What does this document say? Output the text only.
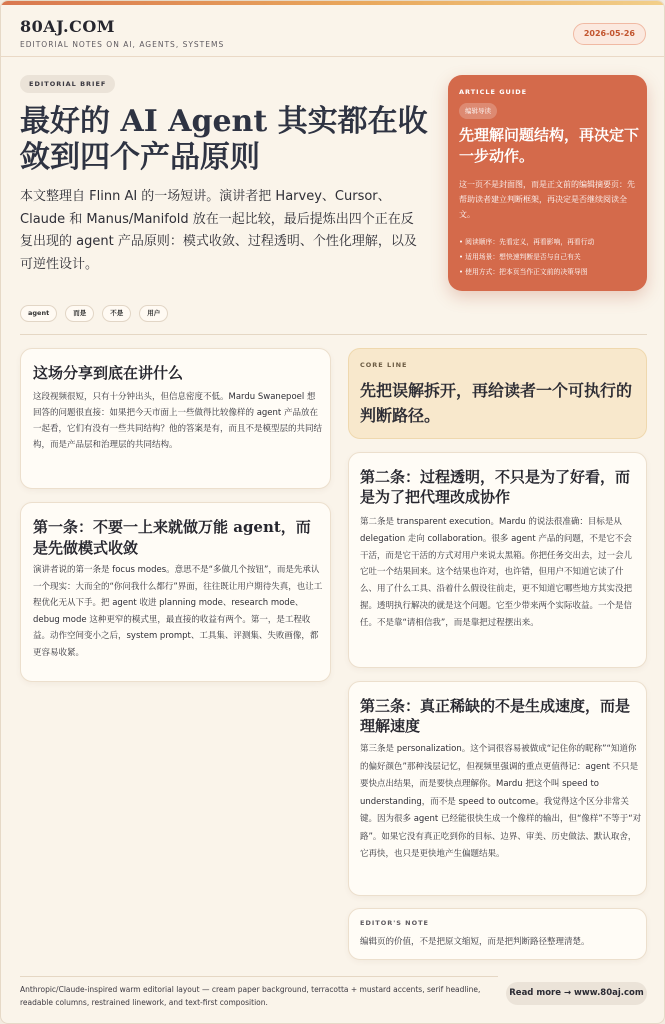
80AJ.COM
EDITORIAL NOTES ON AI, AGENTS, SYSTEMS
2026-05-26
EDITORIAL BRIEF
最好的 AI Agent 其实都在收敛到四个产品原则

本文整理自 Flinn AI 的一场短讲。演讲者把 Harvey、Cursor、Claude 和 Manus/Manifold 放在一起比较，最后提炼出四个正在反复出现的 agent 产品原则：模式收敛、过程透明、个性化理解，以及可逆性设计。

agent	而是	不是	用户
ARTICLE GUIDE
编辑导读
先理解问题结构，再决定下一步动作。
这一页不是封面图，而是正文前的编辑摘要页：先帮助读者建立判断框架，再决定是否继续阅读全文。
• 阅读顺序：先看定义，再看影响，再看行动
• 适用场景：想快速判断是否与自己有关
• 使用方式：把本页当作正文前的决策导图
这场分享到底在讲什么

这段视频很短，只有十分钟出头，但信息密度不低。Mardu Swanepoel 想回答的问题很直接：如果把今天市面上一些做得比较像样的 agent 产品放在一起看，它们有没有一些共同结构？他的答案是有，而且不是模型层的共同结构，而是产品层和治理层的共同结构。

第一条：不要一上来就做万能 agent，而是先做模式收敛

演讲者说的第一条是 focus modes。意思不是“多做几个按钮”，而是先承认一个现实：大而全的“你问我什么都行”界面，往往既让用户期待失真，也让工程优化无从下手。把 agent 收进 planning mode、research mode、debug mode 这种更窄的模式里，最直接的收益有两个。第一，是工程收益。动作空间变小之后，system prompt、工具集、评测集、失败画像，都更容易收紧。

CORE LINE
先把误解拆开，再给读者一个可执行的判断路径。
第二条：过程透明，不只是为了好看，而是为了把代理改成协作

第二条是 transparent execution。Mardu 的说法很准确：目标是从 delegation 走向 collaboration。很多 agent 产品的问题，不是它不会干活，而是它干活的方式对用户来说太黑箱。你把任务交出去，过一会儿它吐一个结果回来。这个结果也许对，也许错，但用户不知道它读了什么、用了什么工具、沿着什么假设往前走，更不知道它哪些地方其实没把握。透明执行解决的就是这个问题。它至少带来两个实际收益。一个是信任。不是靠“请相信我”，而是靠把过程摆出来。

第三条：真正稀缺的不是生成速度，而是理解速度

第三条是 personalization。这个词很容易被做成“记住你的昵称”“知道你的偏好颜色”那种浅层记忆，但视频里强调的重点更值得记：agent 不只是要快点出结果，而是要快点理解你。Mardu 把这个叫 speed to understanding，而不是 speed to outcome。我觉得这个区分非常关键。因为很多 agent 已经能很快生成一个像样的输出，但“像样”不等于“对路”。如果它没有真正吃到你的目标、边界、审美、历史做法、默认取舍，它再快，也只是更快地产生偏题结果。

EDITOR'S NOTE

编辑页的价值，不是把原文缩短，而是把判断路径整理清楚。

Anthropic/Claude-inspired warm editorial layout — cream paper background, terracotta + mustard accents, serif headline, readable columns, restrained linework, and text-first composition.

Read more → www.80aj.com
